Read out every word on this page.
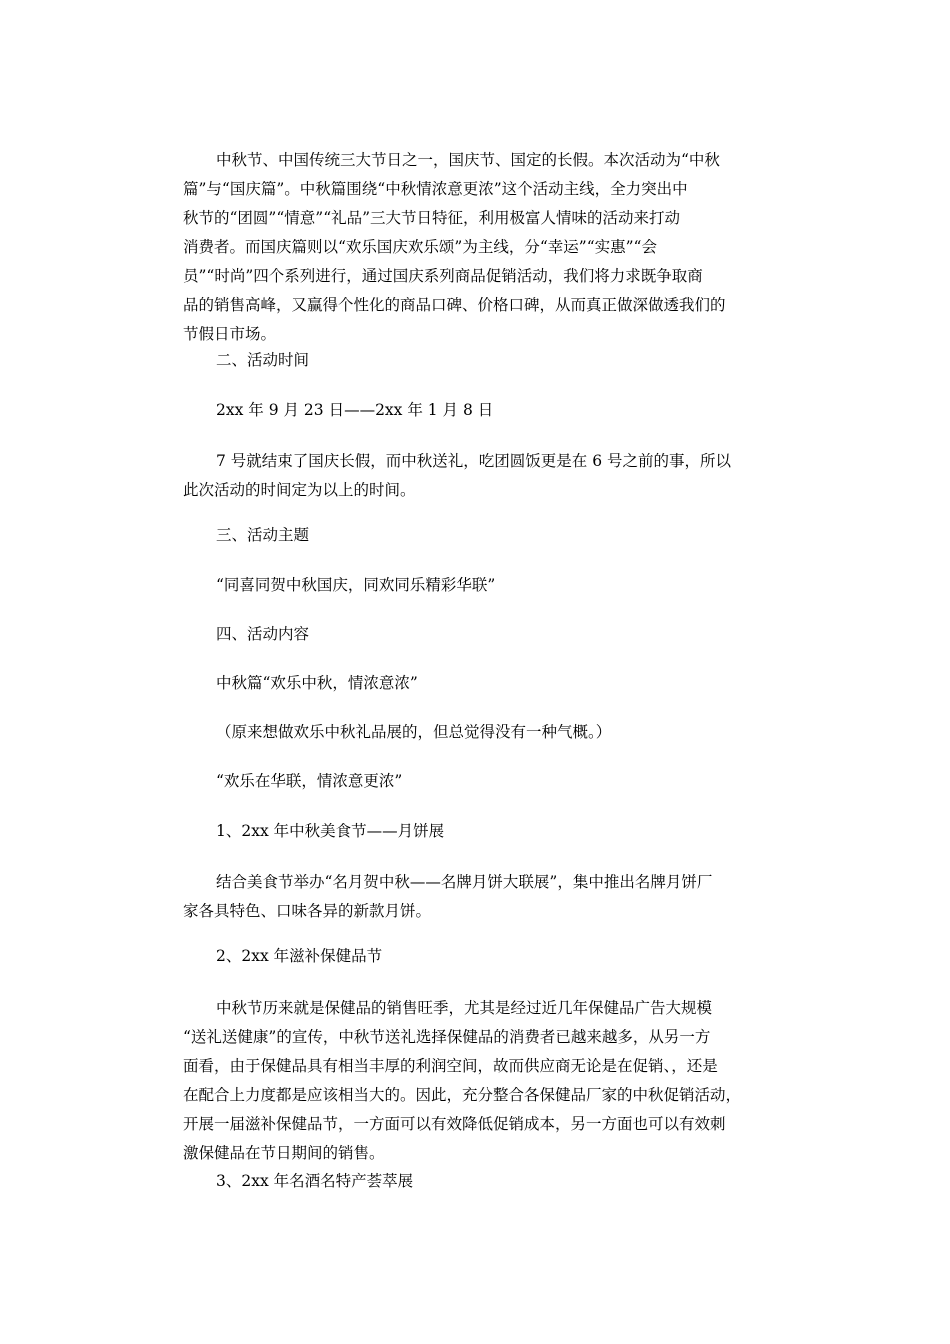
中秋节、中国传统三大节日之一，国庆节、国定的长假。本次活动为“中秋
篇”与“国庆篇”。中秋篇围绕“中秋情浓意更浓”这个活动主线，全力突出中
秋节的“团圆”“情意”“礼品”三大节日特征，利用极富人情味的活动来打动
消费者。而国庆篇则以“欢乐国庆欢乐颂”为主线，分“幸运”“实惠”“会
员”“时尚”四个系列进行，通过国庆系列商品促销活动，我们将力求既争取商
品的销售高峰，又赢得个性化的商品口碑、价格口碑，从而真正做深做透我们的
节假日市场。
二、活动时间
2xx 年 9 月 23 日——2xx 年 1 月 8 日
7 号就结束了国庆长假，而中秋送礼，吃团圆饭更是在 6 号之前的事，所以
此次活动的时间定为以上的时间。
三、活动主题
“同喜同贺中秋国庆，同欢同乐精彩华联”
四、活动内容
中秋篇“欢乐中秋，情浓意浓”
（原来想做欢乐中秋礼品展的，但总觉得没有一种气概。）
“欢乐在华联，情浓意更浓”
1、2xx 年中秋美食节——月饼展
结合美食节举办“名月贺中秋——名牌月饼大联展”，集中推出名牌月饼厂
家各具特色、口味各异的新款月饼。
2、2xx 年滋补保健品节
中秋节历来就是保健品的销售旺季，尤其是经过近几年保健品广告大规模
“送礼送健康”的宣传，中秋节送礼选择保健品的消费者已越来越多，从另一方
面看，由于保健品具有相当丰厚的利润空间，故而供应商无论是在促销、，还是
在配合上力度都是应该相当大的。因此，充分整合各保健品厂家的中秋促销活动，
开展一届滋补保健品节，一方面可以有效降低促销成本，另一方面也可以有效刺
激保健品在节日期间的销售。
3、2xx 年名酒名特产荟萃展
